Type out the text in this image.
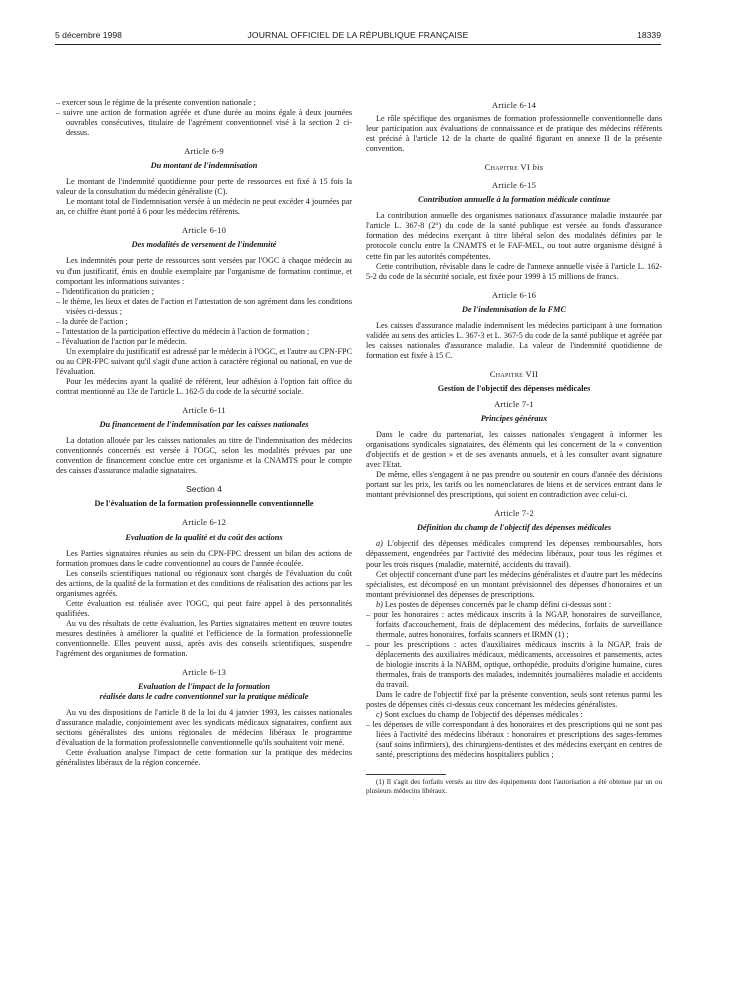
5 décembre 1998	JOURNAL OFFICIEL DE LA RÉPUBLIQUE FRANÇAISE	18339

– exercer sous le régime de la présente convention nationale ;

– suivre une action de formation agréée et d'une durée au moins égale à deux journées ouvrables consécutives, titulaire de l'agrément conventionnel visé à la section 2 ci-dessus.

Article 6-9
Du montant de l'indemnisation

Le montant de l'indemnité quotidienne pour perte de ressources est fixé à 15 fois la valeur de la consultation du médecin généraliste (C).

Le montant total de l'indemnisation versée à un médecin ne peut excéder 4 journées par an, ce chiffre étant porté à 6 pour les médecins référents.

Article 6-10
Des modalités de versement de l'indemnité

Les indemnités pour perte de ressources sont versées par l'OGC à chaque médecin au vu d'un justificatif, émis en double exemplaire par l'organisme de formation continue, et comportant les informations suivantes :

– l'identification du praticien ;

– le thème, les lieux et dates de l'action et l'attestation de son agrément dans les conditions visées ci-dessus ;

– la durée de l'action ;

– l'attestation de la participation effective du médecin à l'action de formation ;

– l'évaluation de l'action par le médecin.

Un exemplaire du justificatif est adressé par le médecin à l'OGC, et l'autre au CPN-FPC ou au CPR-FPC suivant qu'il s'agit d'une action à caractère régional ou national, en vue de l'évaluation.

Pour les médecins ayant la qualité de référent, leur adhésion à l'option fait office du contrat mentionné au 13e de l'article L. 162-5 du code de la sécurité sociale.

Article 6-11
Du financement de l'indemnisation par les caisses nationales

La dotation allouée par les caisses nationales au titre de l'indemnisation des médecins conventionnés concernés est versée à l'OGC, selon les modalités prévues par une convention de financement conclue entre cet organisme et la CNAMTS pour le compte des caisses d'assurance maladie signataires.

Section 4
De l'évaluation de la formation professionnelle conventionnelle
Article 6-12
Evaluation de la qualité et du coût des actions

Les Parties signataires réunies au sein du CPN-FPC dressent un bilan des actions de formation promues dans le cadre conventionnel au cours de l'année écoulée.

Les conseils scientifiques national ou régionaux sont chargés de l'évaluation du coût des actions, de la qualité de la formation et des conditions de réalisation des actions par les organismes agréés.

Cette évaluation est réalisée avec l'OGC, qui peut faire appel à des personnalités qualifiées.

Au vu des résultats de cette évaluation, les Parties signataires mettent en œuvre toutes mesures destinées à améliorer la qualité et l'efficience de la formation professionnelle conventionnelle. Elles peuvent aussi, après avis des conseils scientifiques, suspendre l'agrément des organismes de formation.

Article 6-13
Evaluation de l'impact de la formation
réalisée dans le cadre conventionnel sur la pratique médicale

Au vu des dispositions de l'article 8 de la loi du 4 janvier 1993, les caisses nationales d'assurance maladie, conjointement avec les syndicats médicaux signataires, confient aux sections généralistes des unions régionales de médecins libéraux le programme d'évaluation de la formation professionnelle conventionnelle qu'ils souhaitent voir mené.

Cette évaluation analyse l'impact de cette formation sur la pratique des médecins généralistes libéraux de la région concernée.

Article 6-14

Le rôle spécifique des organismes de formation professionnelle conventionnelle dans leur participation aux évaluations de connaissance et de pratique des médecins référents est précisé à l'article 12 de la charte de qualité figurant en annexe II de la présente convention.

Chapitre VI bis
Article 6-15
Contribution annuelle à la formation médicale continue

La contribution annuelle des organismes nationaux d'assurance maladie instaurée par l'article L. 367-8 (2°) du code de la santé publique est versée au fonds d'assurance formation des médecins exerçant à titre libéral selon des modalités définies par le protocole conclu entre la CNAMTS et le FAF-MEL, ou tout autre organisme désigné à cette fin par les autorités compétentes.

Cette contribution, révisable dans le cadre de l'annexe annuelle visée à l'article L. 162-5-2 du code de la sécurité sociale, est fixée pour 1999 à 15 millions de francs.

Article 6-16
De l'indemnisation de la FMC

Les caisses d'assurance maladie indemnisent les médecins participant à une formation validée au sens des articles L. 367-3 et L. 367-5 du code de la santé publique et agréée par les caisses nationales d'assurance maladie. La valeur de l'indemnité quotidienne de formation est fixée à 15 C.

Chapitre VII
Gestion de l'objectif des dépenses médicales
Article 7-1
Principes généraux

Dans le cadre du partenariat, les caisses nationales s'engagent à informer les organisations syndicales signataires, des éléments qui les concernent de la « convention d'objectifs et de gestion » et de ses avenants annuels, et à les consulter avant signature avec l'Etat.

De même, elles s'engagent à ne pas prendre ou soutenir en cours d'année des décisions portant sur les prix, les tarifs ou les nomenclatures de biens et de services entrant dans le montant prévisionnel des prescriptions, qui soient en contradiction avec celui-ci.

Article 7-2
Définition du champ de l'objectif des dépenses médicales

a) L'objectif des dépenses médicales comprend les dépenses remboursables, hors dépassement, engendrées par l'activité des médecins libéraux, pour tous les régimes et pour les trois risques (maladie, maternité, accidents du travail).

Cet objectif concernant d'une part les médecins généralistes et d'autre part les médecins spécialistes, est décomposé en un montant prévisionnel des dépenses d'honoraires et un montant prévisionnel des dépenses de prescriptions.

b) Les postes de dépenses concernés par le champ défini ci-dessus sont :

– pour les honoraires : actes médicaux inscrits à la NGAP, honoraires de surveillance, forfaits d'accouchement, frais de déplacement des médecins, forfaits de surveillance thermale, autres honoraires, forfaits scanners et IRMN (1) ;

– pour les prescriptions : actes d'auxiliaires médicaux inscrits à la NGAP, frais de déplacements des auxiliaires médicaux, médicaments, accessoires et pansements, actes de biologie inscrits à la NABM, optique, orthopédie, produits d'origine humaine, cures thermales, frais de transports des malades, indemnités journalières maladie et accidents du travail.

Dans le cadre de l'objectif fixé par la présente convention, seuls sont retenus parmi les postes de dépenses cités ci-dessus ceux concernant les médecins généralistes.

c) Sont exclues du champ de l'objectif des dépenses médicales :

– les dépenses de ville correspondant à des honoraires et des prescriptions qui ne sont pas liées à l'activité des médecins libéraux : honoraires et prescriptions des sages-femmes (sauf soins infirmiers), des chirurgiens-dentistes et des médecins exerçant en centres de santé, prescriptions des médecins hospitaliers publics ;

(1) Il s'agit des forfaits versés au titre des équipements dont l'autorisation a été obtenue par un ou plusieurs médecins libéraux.
